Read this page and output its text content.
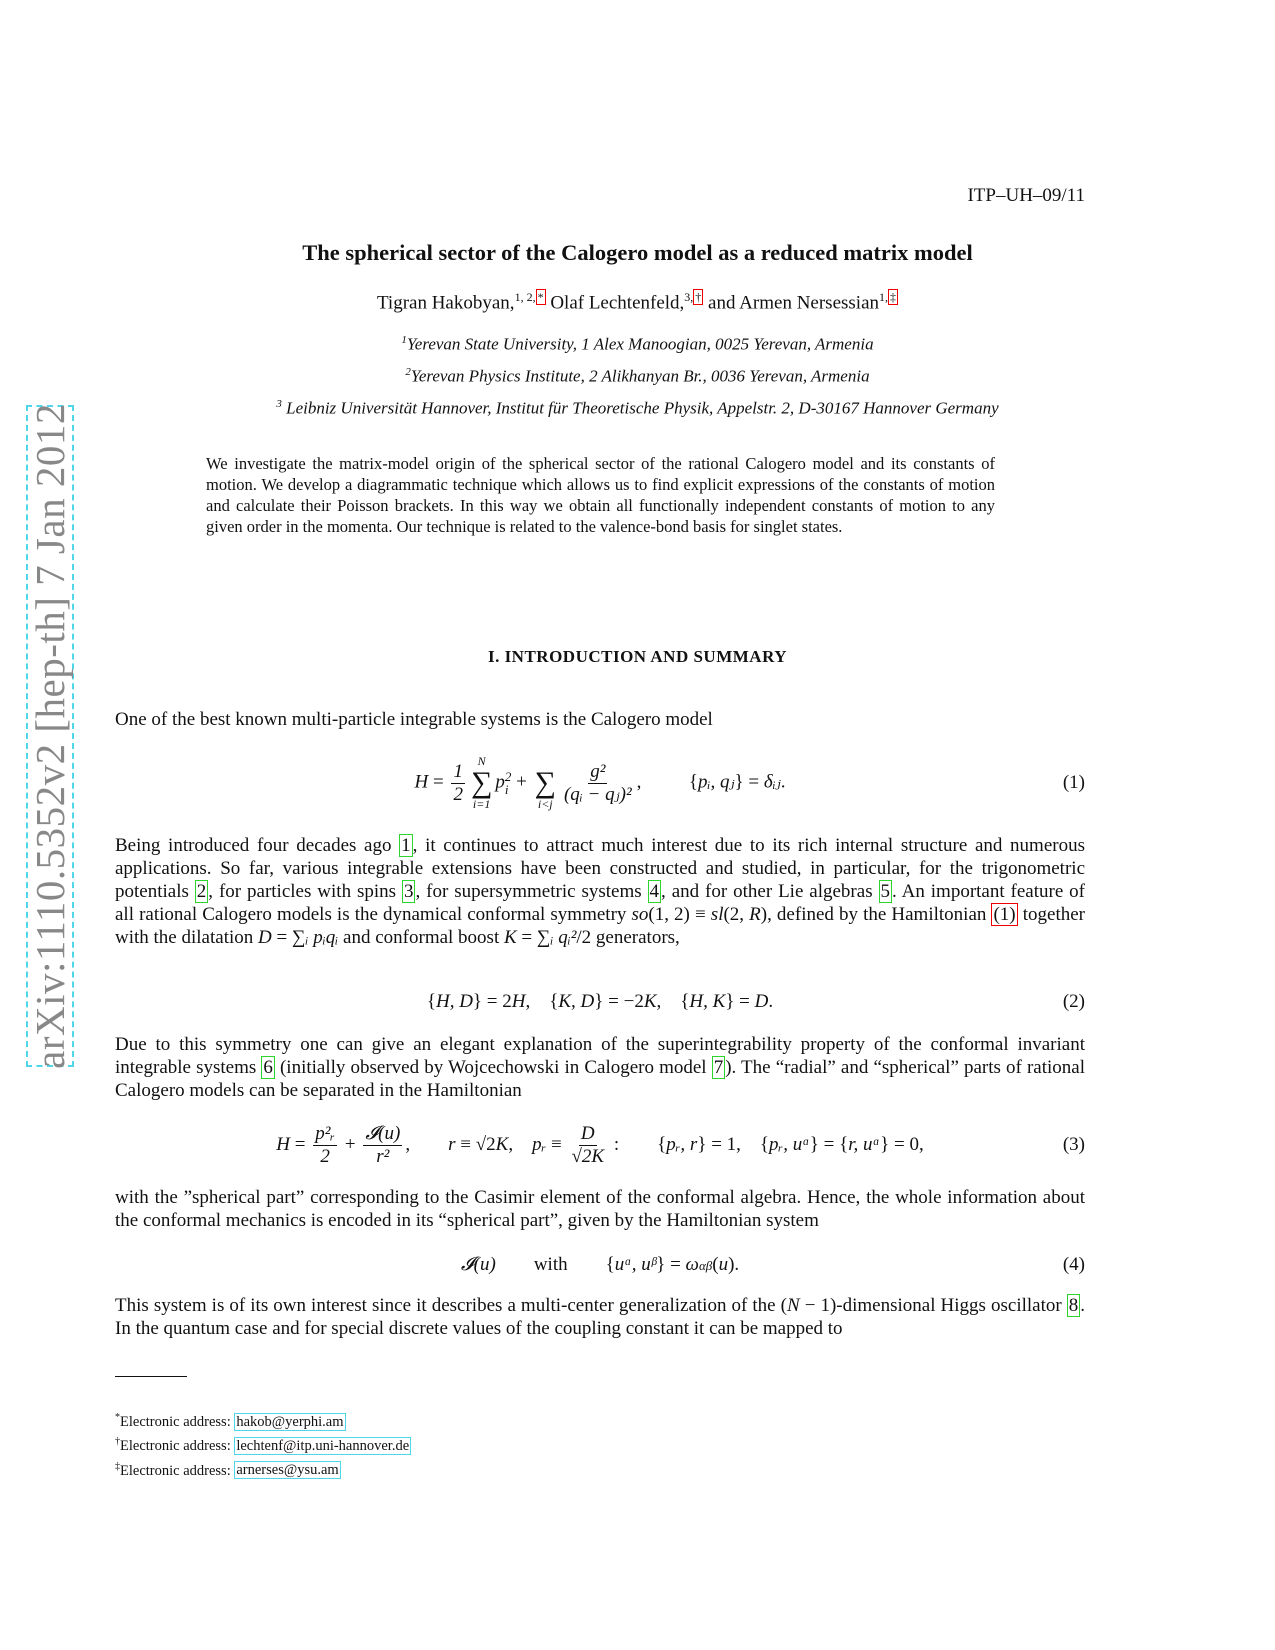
arXiv:1110.5352v2 [hep-th] 7 Jan 2012
ITP–UH–09/11
The spherical sector of the Calogero model as a reduced matrix model
Tigran Hakobyan,$^{1, 2,}$ * Olaf Lechtenfeld,$^{3,}$ † and Armen Nersessian$^{1,}$ ‡
$^1$Yerevan State University, 1 Alex Manoogian, 0025 Yerevan, Armenia
$^2$Yerevan Physics Institute, 2 Alikhanyan Br., 0036 Yerevan, Armenia
$^3$ Leibniz Universität Hannover, Institut für Theoretische Physik, Appelstr. 2, D-30167 Hannover Germany
We investigate the matrix-model origin of the spherical sector of the rational Calogero model and its constants of motion. We develop a diagrammatic technique which allows us to find explicit expressions of the constants of motion and calculate their Poisson brackets. In this way we obtain all functionally independent constants of motion to any given order in the momenta. Our technique is related to the valence-bond basis for singlet states.
I. INTRODUCTION AND SUMMARY
One of the best known multi-particle integrable systems is the Calogero model
$H = \frac{1}{2}$ N
∑
i=1
p 2
i + ∑
$i<j \frac{\text{g²}}{\text{(qᵢ − qⱼ)²}}$ ,          {pᵢ, qⱼ} = δᵢⱼ.	(1)
Being introduced four decades ago 1 , it continues to attract much interest due to its rich internal structure and numerous applications. So far, various integrable extensions have been constructed and studied, in particular, for the trigonometric potentials 2 , for particles with spins 3 , for supersymmetric systems 4 , and for other Lie algebras 5 . An important feature of all rational Calogero models is the dynamical conformal symmetry so(1, 2) ≡ sl(2, R), defined by the Hamiltonian (1) together with the dilatation D = ∑ᵢ pᵢqᵢ and conformal boost K = ∑ᵢ qᵢ²/2 generators,
{H, D} = 2H,    {K, D} = −2K,    {H, K} = D.	(2)
Due to this symmetry one can give an elegant explanation of the superintegrability property of the conformal invariant integrable systems 6 (initially observed by Wojcechowski in Calogero model 7 ). The “radial” and “spherical” parts of rational Calogero models can be separated in the Hamiltonian
$H = \frac{\text{p²ᵣ}}{2} + \frac{\text{𝓘(u)}}{\text{r²}}$ ,        r ≡ √2K,    pᵣ ≡ $\frac{D}{√2K}$ :        {pᵣ, r} = 1,    {pᵣ, uᵅ} = {r, uᵅ} = 0,	(3)
with the ”spherical part” corresponding to the Casimir element of the conformal algebra. Hence, the whole information about the conformal mechanics is encoded in its “spherical part”, given by the Hamiltonian system
𝓘(u)        with        {uᵅ, uᵝ} = ω αβ (u).	(4)
This system is of its own interest since it describes a multi-center generalization of the (N − 1)-dimensional Higgs oscillator 8 . In the quantum case and for special discrete values of the coupling constant it can be mapped to
*Electronic address: hakob@yerphi.am
†Electronic address: lechtenf@itp.uni-hannover.de
‡Electronic address: arnerses@ysu.am
